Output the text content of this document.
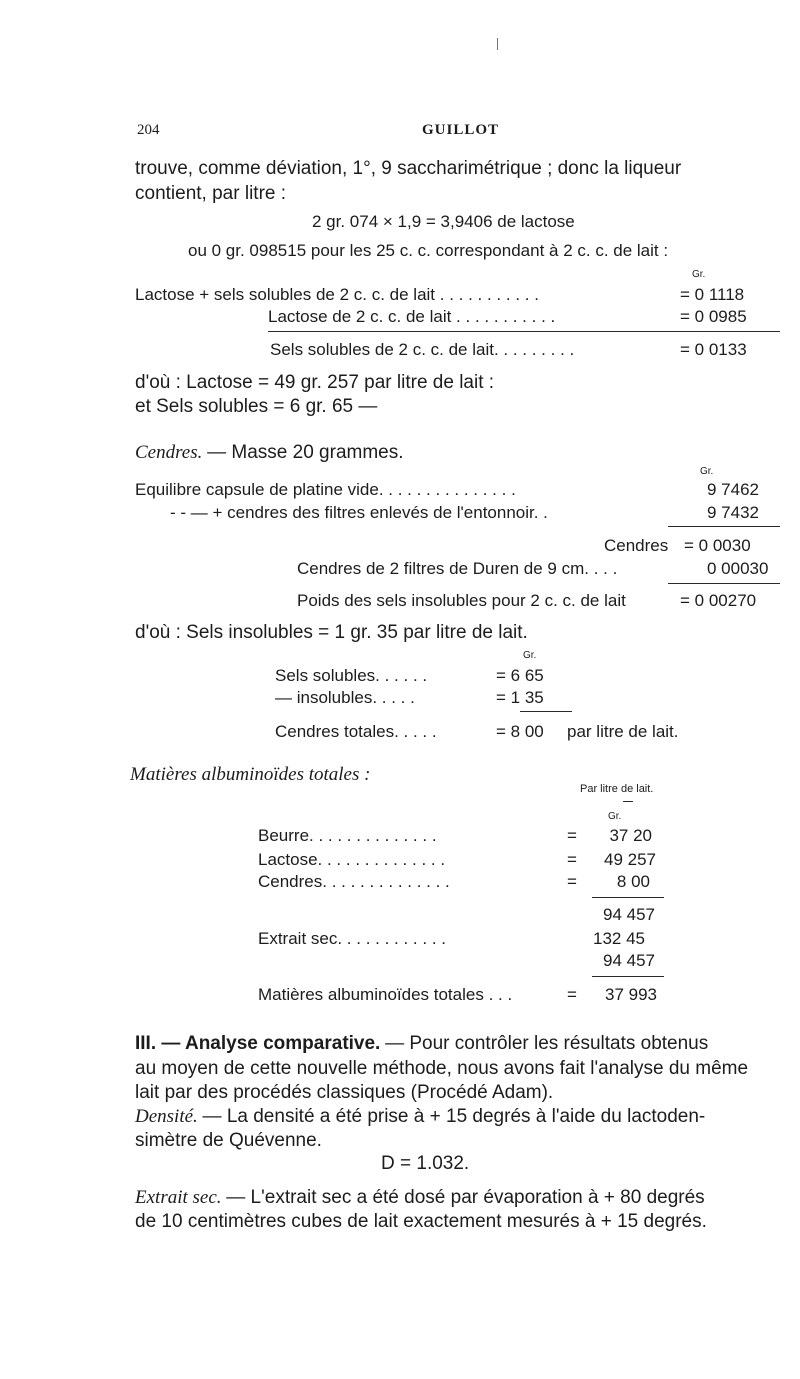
204	GUILLOT
trouve, comme déviation, 1°, 9 saccharimétrique ; donc la liqueur
contient, par litre :
2 gr. 074 × 1,9 = 3,9406 de lactose
ou 0 gr. 098515 pour les 25 c. c. correspondant à 2 c. c. de lait :
Gr.
Lactose + sels solubles de 2 c. c. de lait . . . . . . . . . . .	= 0 1118
Lactose de 2 c. c. de lait . . . . . . . . . . .	= 0 0985
Sels solubles de 2 c. c. de lait. . . . . . . . .	= 0 0133
d'où : Lactose = 49 gr. 257 par litre de lait :
et Sels solubles = 6 gr. 65 —
Cendres. — Masse 20 grammes.
Gr.
Equilibre capsule de platine vide. . . . . . . . . . . . . . .	9 7462
- - — + cendres des filtres enlevés de l'entonnoir. .	9 7432
Cendres = 0 0030
Cendres de 2 filtres de Duren de 9 cm. . . .	0 00030
Poids des sels insolubles pour 2 c. c. de lait	= 0 00270
d'où : Sels insolubles = 1 gr. 35 par litre de lait.
Gr.
Sels solubles. . . . . .	= 6 65
— insolubles. . . . .	= 1 35
Cendres totales. . . . .	= 8 00 par litre de lait.
Matières albuminoïdes totales :
Par litre de lait.
Gr.
Beurre. . . . . . . . . . . . . .	=	37 20
Lactose. . . . . . . . . . . . . .	=	49 257
Cendres. . . . . . . . . . . . . .	=	8 00
94 457
Extrait sec. . . . . . . . . . . .	132 45
94 457
Matières albuminoïdes totales . . .	= 37 993
III. — Analyse comparative. — Pour contrôler les résultats obtenus
au moyen de cette nouvelle méthode, nous avons fait l'analyse du même
lait par des procédés classiques (Procédé Adam).
Densité. — La densité a été prise à + 15 degrés à l'aide du lactoden-
simètre de Quévenne.
D = 1.032.
Extrait sec. — L'extrait sec a été dosé par évaporation à + 80 degrés
de 10 centimètres cubes de lait exactement mesurés à + 15 degrés.
